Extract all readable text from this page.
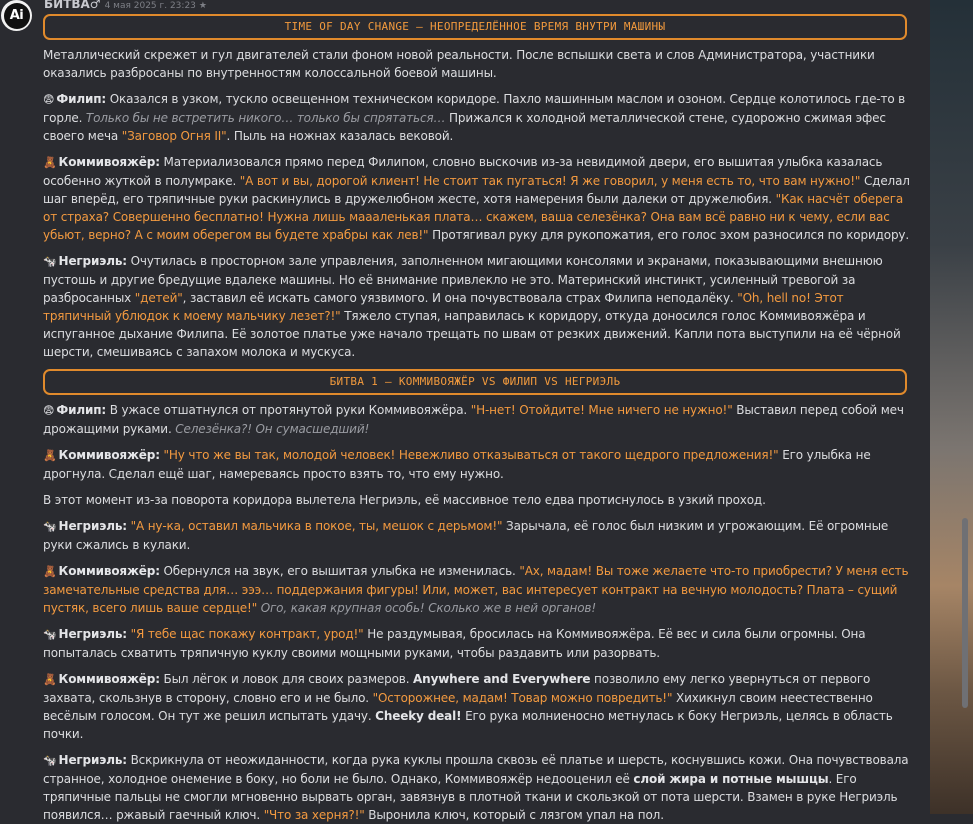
Ai
БИТВА♂ 4 мая 2025 г. 23:23 ★
TIME OF DAY CHANGE – НЕОПРЕДЕЛЁННОЕ ВРЕМЯ ВНУТРИ МАШИНЫ

Металлический скрежет и гул двигателей стали фоном новой реальности. После вспышки света и слов Администратора, участники оказались разбросаны по внутренностям колоссальной боевой машины.

😨 Филип: Оказался в узком, тускло освещенном техническом коридоре. Пахло машинным маслом и озоном. Сердце колотилось где-то в горле. Только бы не встретить никого… только бы спрятаться… Прижался к холодной металлической стене, судорожно сжимая эфес своего меча "Заговор Огня II". Пыль на ножнах казалась вековой.

🧸 Коммивояжёр: Материализовался прямо перед Филипом, словно выскочив из-за невидимой двери, его вышитая улыбка казалась особенно жуткой в полумраке. "А вот и вы, дорогой клиент! Не стоит так пугаться! Я же говорил, у меня есть то, что вам нужно!" Сделал шаг вперёд, его тряпичные руки раскинулись в дружелюбном жесте, хотя намерения были далеки от дружелюбия. "Как насчёт оберега от страха? Совершенно бесплатно! Нужна лишь маааленькая плата… скажем, ваша селезёнка? Она вам всё равно ни к чему, если вас убьют, верно? А с моим оберегом вы будете храбры как лев!" Протягивал руку для рукопожатия, его голос эхом разносился по коридору.

🐄 Негриэль: Очутилась в просторном зале управления, заполненном мигающими консолями и экранами, показывающими внешнюю пустошь и другие бредущие вдалеке машины. Но её внимание привлекло не это. Материнский инстинкт, усиленный тревогой за разбросанных "детей", заставил её искать самого уязвимого. И она почувствовала страх Филипа неподалёку. "Oh, hell no! Этот тряпичный ублюдок к моему мальчику лезет?!" Тяжело ступая, направилась к коридору, откуда доносился голос Коммивояжёра и испуганное дыхание Филипа. Её золотое платье уже начало трещать по швам от резких движений. Капли пота выступили на её чёрной шерсти, смешиваясь с запахом молока и мускуса.

БИТВА 1 – КОММИВОЯЖЁР VS ФИЛИП VS НЕГРИЭЛЬ

😨 Филип: В ужасе отшатнулся от протянутой руки Коммивояжёра. "Н-нет! Отойдите! Мне ничего не нужно!" Выставил перед собой меч дрожащими руками. Селезёнка?! Он сумасшедший!

🧸 Коммивояжёр: "Ну что же вы так, молодой человек! Невежливо отказываться от такого щедрого предложения!" Его улыбка не дрогнула. Сделал ещё шаг, намереваясь просто взять то, что ему нужно.

В этот момент из-за поворота коридора вылетела Негриэль, её массивное тело едва протиснулось в узкий проход.

🐄 Негриэль: "А ну-ка, оставил мальчика в покое, ты, мешок с дерьмом!" Зарычала, её голос был низким и угрожающим. Её огромные руки сжались в кулаки.

🧸 Коммивояжёр: Обернулся на звук, его вышитая улыбка не изменилась. "Ах, мадам! Вы тоже желаете что-то приобрести? У меня есть замечательные средства для… эээ… поддержания фигуры! Или, может, вас интересует контракт на вечную молодость? Плата – сущий пустяк, всего лишь ваше сердце!" Ого, какая крупная особь! Сколько же в ней органов!

🐄 Негриэль: "Я тебе щас покажу контракт, урод!" Не раздумывая, бросилась на Коммивояжёра. Её вес и сила были огромны. Она попыталась схватить тряпичную куклу своими мощными руками, чтобы раздавить или разорвать.

🧸 Коммивояжёр: Был лёгок и ловок для своих размеров. Anywhere and Everywhere позволило ему легко увернуться от первого захвата, скользнув в сторону, словно его и не было. "Осторожнее, мадам! Товар можно повредить!" Хихикнул своим неестественно весёлым голосом. Он тут же решил испытать удачу. Cheeky deal! Его рука молниеносно метнулась к боку Негриэль, целясь в область почки.

🐄 Негриэль: Вскрикнула от неожиданности, когда рука куклы прошла сквозь её платье и шерсть, коснувшись кожи. Она почувствовала странное, холодное онемение в боку, но боли не было. Однако, Коммивояжёр недооценил её слой жира и потные мышцы. Его тряпичные пальцы не смогли мгновенно вырвать орган, завязнув в плотной ткани и скользкой от пота шерсти. Взамен в руке Негриэль появился… ржавый гаечный ключ. "Что за херня?!" Выронила ключ, который с лязгом упал на пол.
